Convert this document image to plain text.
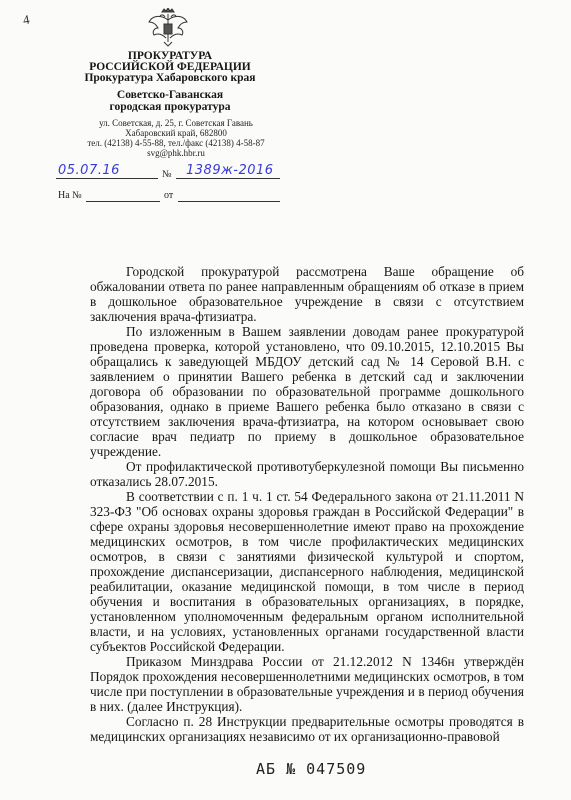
4
ПРОКУРАТУРА
РОССИЙСКОЙ ФЕДЕРАЦИИ
Прокуратура Хабаровского края
Советско-Гаванская
городская прокуратура
ул. Советская, д. 25, г. Советская Гавань
Хабаровский край, 682800
тел. (42138) 4-55-88, тел./факс (42138) 4-58-87
svg@phk.hbr.ru
05.07.16	№ 1389ж-2016
На №	от

Городской прокуратурой рассмотрена Ваше обращение об обжаловании ответа по ранее направленным обращениям об отказе в прием в дошкольное образовательное учреждение в связи с отсутствием заключения врача-фтизиатра.

По изложенным в Вашем заявлении доводам ранее прокуратурой проведена проверка, которой установлено, что 09.10.2015, 12.10.2015 Вы обращались к заведующей МБДОУ детский сад № 14 Серовой В.Н. с заявлением о принятии Вашего ребенка в детский сад и заключении договора об образовании по образовательной программе дошкольного образования, однако в приеме Вашего ребенка было отказано в связи с отсутствием заключения врача-фтизиатра, на котором основывает свою согласие врач педиатр по приему в дошкольное образовательное учреждение.

От профилактической противотуберкулезной помощи Вы письменно отказались 28.07.2015.

В соответствии с п. 1 ч. 1 ст. 54 Федерального закона от 21.11.2011 N 323-ФЗ "Об основах охраны здоровья граждан в Российской Федерации" в сфере охраны здоровья несовершеннолетние имеют право на прохождение медицинских осмотров, в том числе профилактических медицинских осмотров, в связи с занятиями физической культурой и спортом, прохождение диспансеризации, диспансерного наблюдения, медицинской реабилитации, оказание медицинской помощи, в том числе в период обучения и воспитания в образовательных организациях, в порядке, установленном уполномоченным федеральным органом исполнительной власти, и на условиях, установленных органами государственной власти субъектов Российской Федерации.

Приказом Минздрава России от 21.12.2012 N 1346н утверждён Порядок прохождения несовершеннолетними медицинских осмотров, в том числе при поступлении в образовательные учреждения и в период обучения в них. (далее Инструкция).

Согласно п. 28 Инструкции предварительные осмотры проводятся в медицинских организациях независимо от их организационно-правовой

АБ № 047509
